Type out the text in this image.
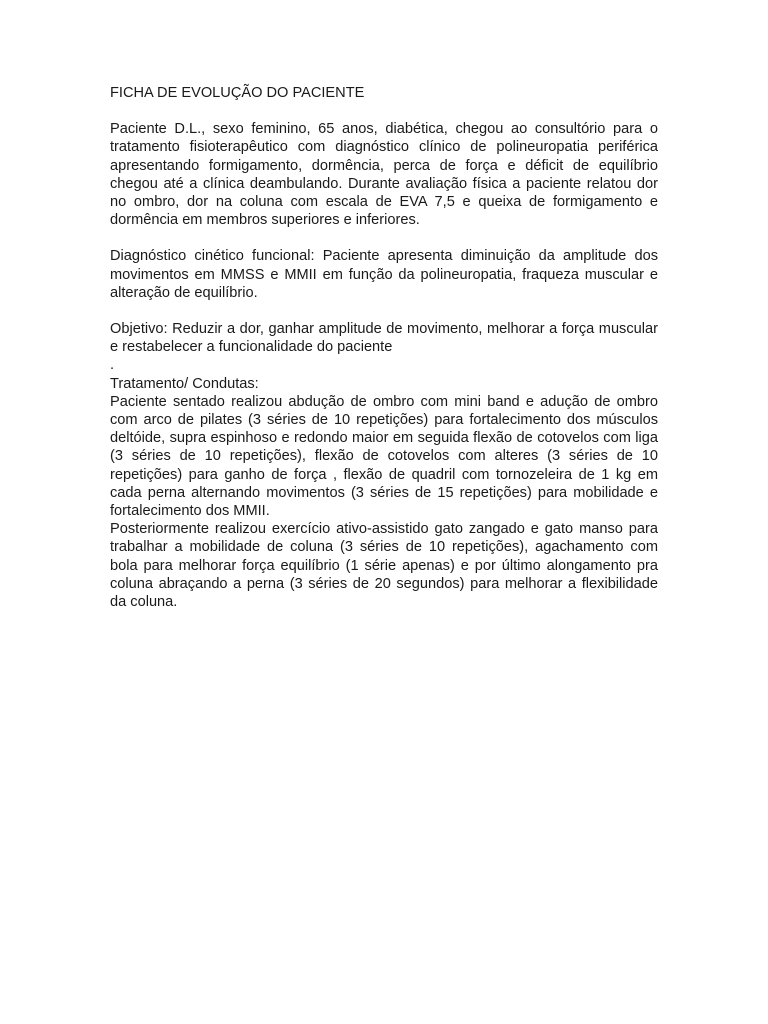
FICHA DE EVOLUÇÃO DO PACIENTE

Paciente D.L., sexo feminino, 65 anos, diabética, chegou ao consultório para o tratamento fisioterapêutico com diagnóstico clínico de polineuropatia periférica apresentando formigamento, dormência, perca de força e déficit de equilíbrio chegou até a clínica deambulando. Durante avaliação física a paciente relatou dor no ombro, dor na coluna com escala de EVA 7,5 e queixa de formigamento e dormência em membros superiores e inferiores.

Diagnóstico cinético funcional: Paciente apresenta diminuição da amplitude dos movimentos em MMSS e MMII em função da polineuropatia, fraqueza muscular e alteração de equilíbrio.

Objetivo: Reduzir a dor, ganhar amplitude de movimento, melhorar a força muscular e restabelecer a funcionalidade do paciente

.

Tratamento/ Condutas:

Paciente sentado realizou abdução de ombro com mini band e adução de ombro com arco de pilates (3 séries de 10 repetições) para fortalecimento dos músculos deltóide, supra espinhoso e redondo maior em seguida flexão de cotovelos com liga (3 séries de 10 repetições), flexão de cotovelos com alteres (3 séries de 10 repetições) para ganho de força , flexão de quadril com tornozeleira de 1 kg em cada perna alternando movimentos (3 séries de 15 repetições) para mobilidade e fortalecimento dos MMII.

Posteriormente realizou exercício ativo-assistido gato zangado e gato manso para trabalhar a mobilidade de coluna (3 séries de 10 repetições), agachamento com bola para melhorar força equilíbrio (1 série apenas) e por último alongamento pra coluna abraçando a perna (3 séries de 20 segundos) para melhorar a flexibilidade da coluna.
